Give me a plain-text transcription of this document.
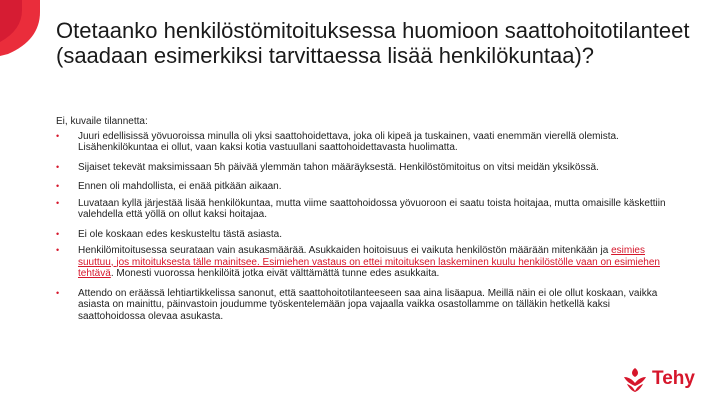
Otetaanko henkilöstömitoituksessa huomioon saattohoitotilanteet (saadaan esimerkiksi tarvittaessa lisää henkilökuntaa)?

Ei, kuvaile tilannetta:

• Juuri edellisissä yövuoroissa minulla oli yksi saattohoidettava, joka oli kipeä ja tuskainen, vaati enemmän vierellä olemista. Lisähenkilökuntaa ei ollut, vaan kaksi kotia vastuullani saattohoidettavasta huolimatta.
• Sijaiset tekevät maksimissaan 5h päivää ylemmän tahon määräyksestä. Henkilöstömitoitus on vitsi meidän yksikössä.
• Ennen oli mahdollista, ei enää pitkään aikaan.
• Luvataan kyllä järjestää lisää henkilökuntaa, mutta viime saattohoidossa yövuoroon ei saatu toista hoitajaa, mutta omaisille käskettiin valehdella että yöllä on ollut kaksi hoitajaa.
• Ei ole koskaan edes keskusteltu tästä asiasta.
• Henkilömitoitusessa seurataan vain asukasmäärää. Asukkaiden hoitoisuus ei vaikuta henkilöstön määrään mitenkään ja esimies suuttuu, jos mitoituksesta tälle mainitsee. Esimiehen vastaus on ettei mitoituksen laskeminen kuulu henkilöstölle vaan on esimiehen tehtävä. Monesti vuorossa henkilöitä jotka eivät välttämättä tunne edes asukkaita.
• Attendo on eräässä lehtiartikkelissa sanonut, että saattohoitotilanteeseen saa aina lisäapua. Meillä näin ei ole ollut koskaan, vaikka asiasta on mainittu, päinvastoin joudumme työskentelemään jopa vajaalla vaikka osastollamme on tälläkin hetkellä kaksi saattohoidossa olevaa asukasta.
Tehy
